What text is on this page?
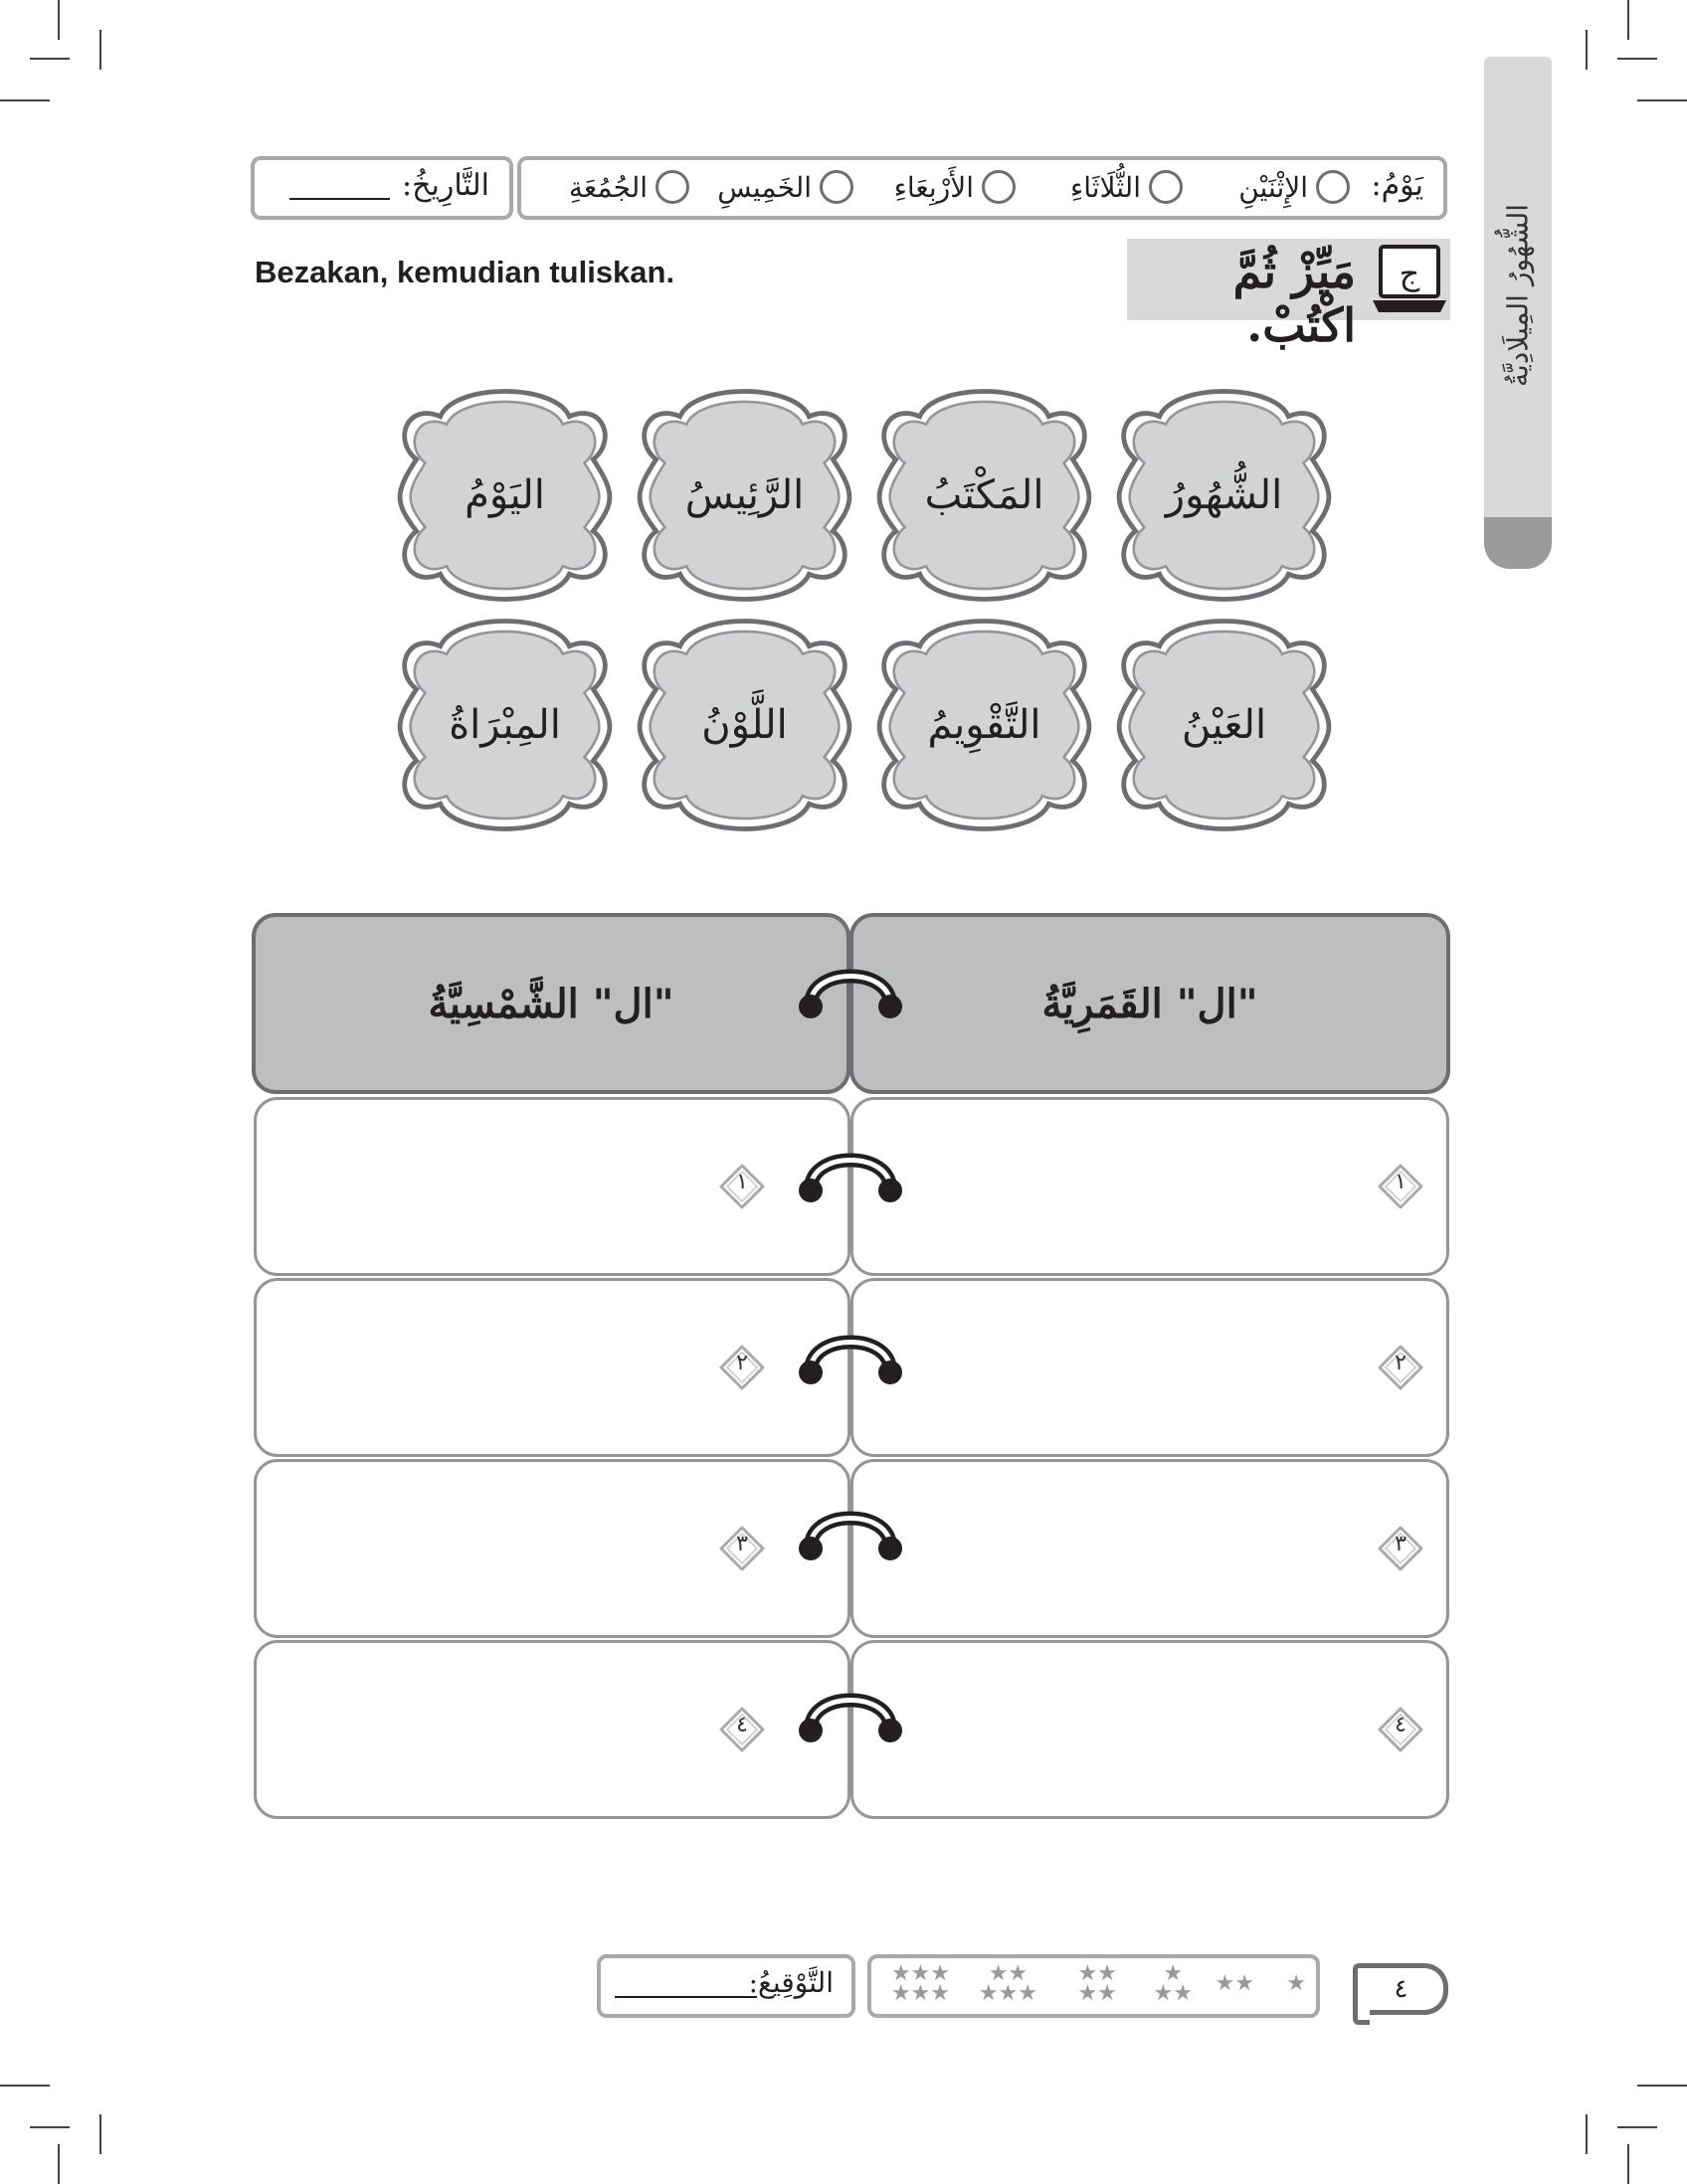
الشُّهُورُ المِيلَادِيَّةُ
التَّارِيخُ:	يَوْمُ:
الإِثْنَيْنِ
الثُّلَاثَاءِ
الأَرْبِعَاءِ
الخَمِيسِ
الجُمُعَةِ
مَيِّزْ ثُمَّ اكْتُبْ.
ج
Bezakan, kemudian tuliskan.
الشُّهُورُ
المَكْتَبُ
الرَّئِيسُ
اليَوْمُ
العَيْنُ
التَّقْوِيمُ
اللَّوْنُ
المِبْرَاةُ
"ال" الشَّمْسِيَّةُ	"ال" القَمَرِيَّةُ
١	١
٢	٢
٣	٣
٤	٤
التَّوْقِيعُ:	★
★★
★
★★
★★
★★
★★
★★★
★★★
★★★	٤
